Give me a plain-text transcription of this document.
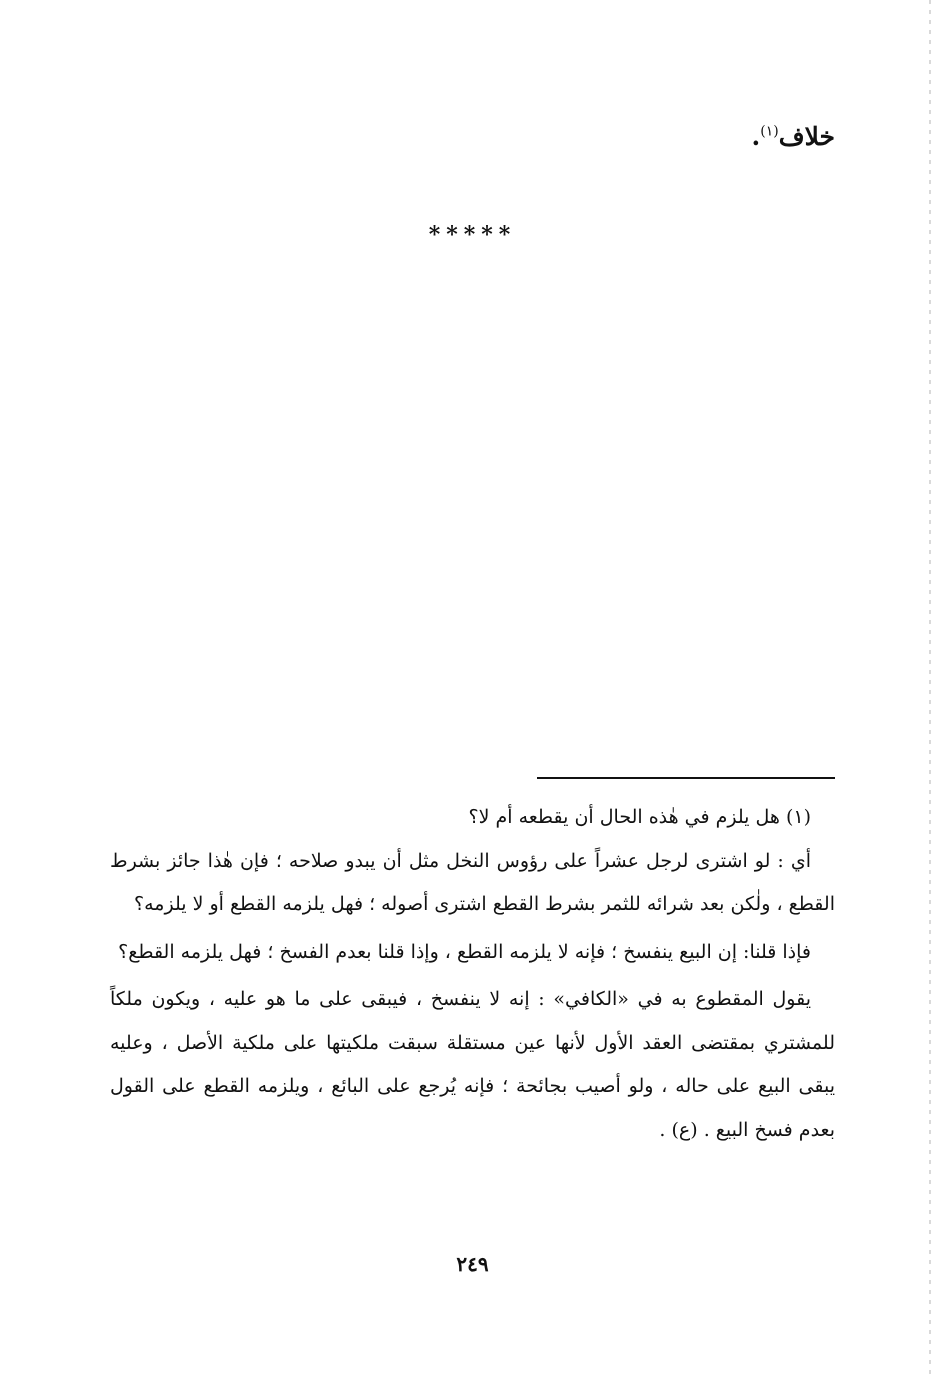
خلاف$^{(١)}$.
*****

(١) هل يلزم في هٰذه الحال أن يقطعه أم لا؟

أي : لو اشترى لرجل عشراً على رؤوس النخل مثل أن يبدو صلاحه ؛ فإن هٰذا جائز بشرط القطع ، ولٰكن بعد شرائه للثمر بشرط القطع اشترى أصوله ؛ فهل يلزمه القطع أو لا يلزمه؟

فإذا قلنا: إن البيع ينفسخ ؛ فإنه لا يلزمه القطع ، وإذا قلنا بعدم الفسخ ؛ فهل يلزمه القطع؟

يقول المقطوع به في «الكافي» : إنه لا ينفسخ ، فيبقى على ما هو عليه ، ويكون ملكاً للمشتري بمقتضى العقد الأول لأنها عين مستقلة سبقت ملكيتها على ملكية الأصل ، وعليه يبقى البيع على حاله ، ولو أصيب بجائحة ؛ فإنه يُرجع على البائع ، ويلزمه القطع على القول بعدم فسخ البيع . (ع) .

٢٤٩
